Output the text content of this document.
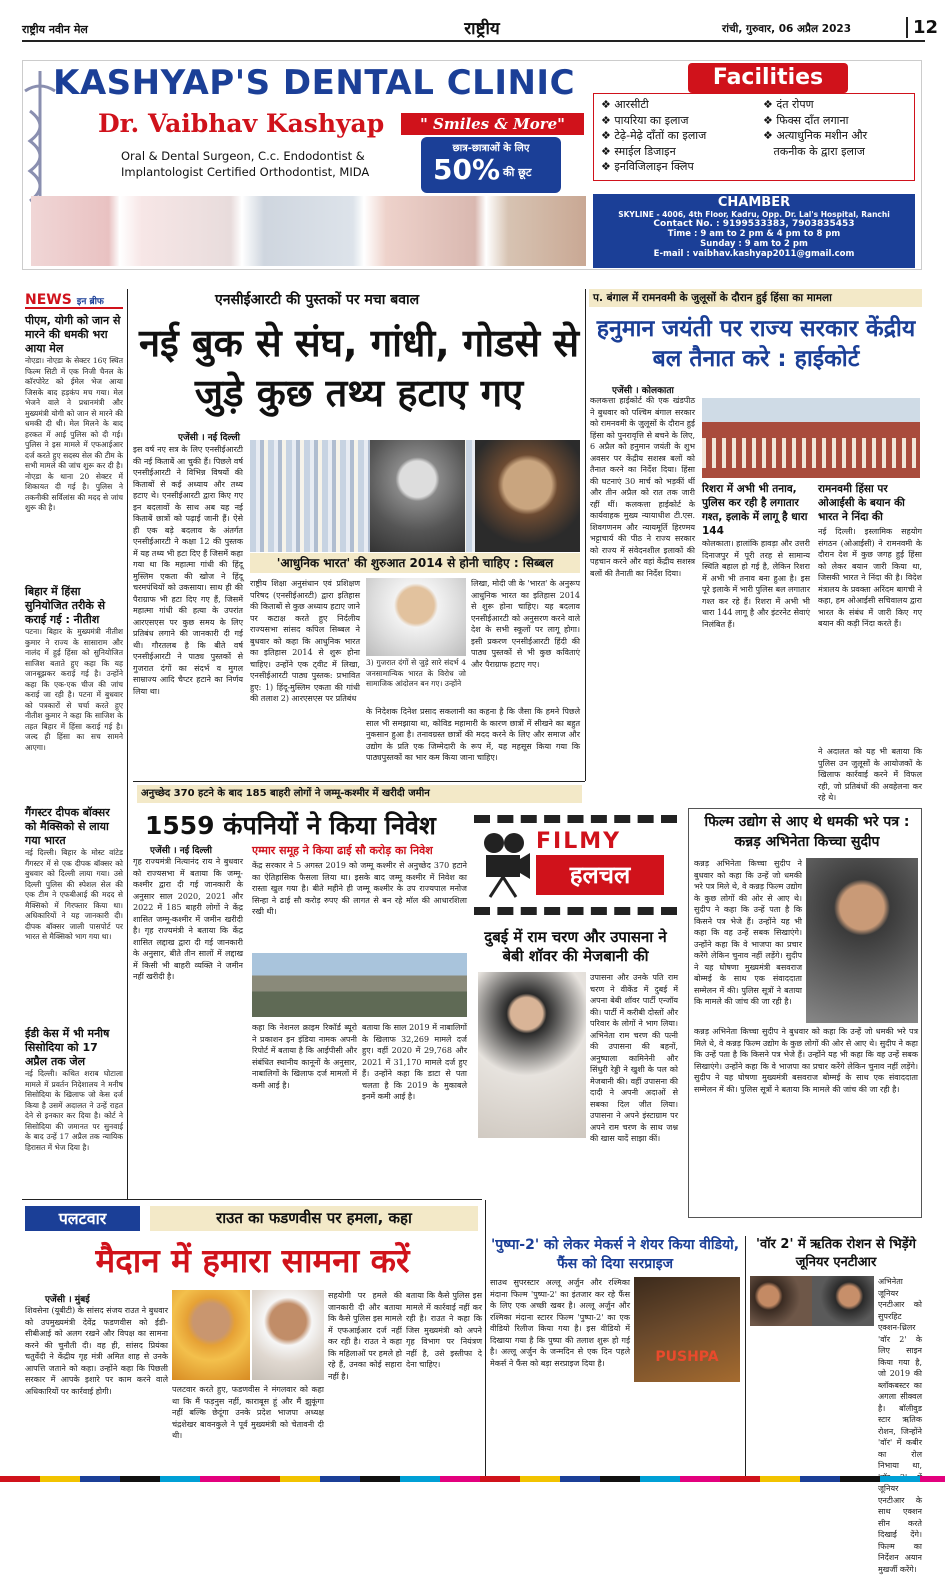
राष्ट्रीय नवीन मेल	राष्ट्रीय	रांची, गुरुवार, 06 अप्रैल 2023	12
KASHYAP'S DENTAL CLINIC
Dr. Vaibhav Kashyap	" Smiles & More"
Oral & Dental Surgeon, C.c. Endodontist &
Implantologist Certified Orthodontist, MIDA
छात्र-छात्राओं के लिए
50% की छूट
Facilities
❖ आरसीटी
❖ पायरिया का इलाज
❖ टेढ़े-मेढ़े दाँतों का इलाज
❖ स्माईल डिजाइन
❖ इनविजिलाइन क्लिप
❖ दंत रोपण
❖ फिक्स दाँत लगाना
❖ अत्याधुनिक मशीन और
तकनीक के द्वारा इलाज
CHAMBER
SKYLINE - 4006, 4th Floor, Kadru, Opp. Dr. Lal's Hospital, Ranchi
Contact No. : 9199533383, 7903835453
Time : 9 am to 2 pm & 4 pm to 8 pm
Sunday : 9 am to 2 pm
E-mail : vaibhav.kashyap2011@gmail.com
NEWS इन ब्रीफ
पीएम, योगी को जान से मारने की धमकी भरा आया मेल
नोएडा। नोएडा के सेक्टर 16ए स्थित फिल्म सिटी में एक निजी चैनल के कॉरपोरेट को ईमेल भेज आया जिसके बाद हड़कंप मच गया। मेल भेजने वाले ने प्रधानमंत्री और मुख्यमंत्री योगी को जान से मारने की धमकी दी थी। मेल मिलने के बाद हरकत में आई पुलिस को दी गई। पुलिस ने इस मामले में एफआईआर दर्ज करते हुए सदस्य सेल की टीम के सभी मामले की जांच शुरू कर दी है। नोएडा के थाना 20 सेक्टर में शिकायत दी गई है। पुलिस ने तकनीकी सर्विलांस की मदद से जांच शुरू की है।
बिहार में हिंसा सुनियोजित तरीके से कराई गई : नीतीश
पटना। बिहार के मुख्यमंत्री नीतीश कुमार ने राज्य के सासाराम और नालंद में हुई हिंसा को सुनियोजित साजिश बताते हुए कहा कि यह जानबूझकर कराई गई है। उन्होंने कहा कि एक-एक चीज की जांच कराई जा रही है। पटना में बुधवार को पत्रकारों से चर्चा करते हुए नीतीश कुमार ने कहा कि साजिश के तहत बिहार में हिंसा कराई गई है। जल्द ही हिंसा का सच सामने आएगा।
गैंगस्टर दीपक बॉक्सर को मैक्सिको से लाया गया भारत
नई दिल्ली। बिहार के मोस्ट वांटेड गैंगस्टर में से एक दीपक बॉक्सर को बुधवार को दिल्ली लाया गया। उसे दिल्ली पुलिस की स्पेशल सेल की एक टीम ने एफबीआई की मदद से मैक्सिको में गिरफ्तार किया था। अधिकारियों ने यह जानकारी दी। दीपक बॉक्सर जाली पासपोर्ट पर भारत से मैक्सिको भाग गया था।
ईडी केस में भी मनीष सिसोदिया को 17 अप्रैल तक जेल
नई दिल्ली। कथित शराब घोटाला मामले में प्रवर्तन निदेशालय ने मनीष सिसोदिया के खिलाफ जो केस दर्ज किया है उसमें अदालत ने उन्हें राहत देने से इनकार कर दिया है। कोर्ट ने सिसोदिया की जमानत पर सुनवाई के बाद उन्हें 17 अप्रैल तक न्यायिक हिरासत में भेज दिया है।
एनसीईआरटी की पुस्तकों पर मचा बवाल
नई बुक से संघ, गांधी, गोडसे से जुड़े कुछ तथ्य हटाए गए
एजेंसी । नई दिल्ली
इस वर्ष नए सत्र के लिए एनसीईआरटी की नई किताबें आ चुकी हैं। पिछले वर्ष एनसीईआरटी ने विभिन्न विषयों की किताबों से कई अध्याय और तथ्य हटाए थे। एनसीईआरटी द्वारा किए गए इन बदलावों के साथ अब यह नई किताबें छात्रों को पढ़ाई जानी हैं। ऐसे ही एक बड़े बदलाव के अंतर्गत एनसीईआरटी ने कक्षा 12 की पुस्तक में यह तथ्य भी हटा दिए हैं जिसमें कहा गया था कि महात्मा गांधी की हिंदू मुस्लिम एकता की खोज ने हिंदू चरमपंथियों को उकसाया। साथ ही की पैराग्राफ भी हटा दिए गए हैं, जिसमें महात्मा गांधी की हत्या के उपरांत आरएसएस पर कुछ समय के लिए प्रतिबंध लगाने की जानकारी दी गई थी। गौरतलब है कि बीते वर्ष एनसीईआरटी ने पाठ्य पुस्तकों से गुजरात दंगों का संदर्भ व मुगल साम्राज्य आदि चैप्टर हटाने का निर्णय लिया था।
'आधुनिक भारत' की शुरुआत 2014 से होनी चाहिए : सिब्बल
राष्ट्रीय शिक्षा अनुसंधान एवं प्रशिक्षण परिषद (एनसीईआरटी) द्वारा इतिहास की किताबों से कुछ अध्याय हटाए जाने पर कटाक्ष करते हुए निर्दलीय राज्यसभा सांसद कपिल सिब्बल ने बुधवार को कहा कि आधुनिक भारत का इतिहास 2014 से शुरू होना चाहिए। उन्होंने एक ट्वीट में लिखा, एनसीईआरटी पाठ्य पुस्तक: प्रभावित हुए: 1) हिंदू-मुस्लिम एकता की गांधी की तलाश 2) आरएसएस पर प्रतिबंध
3) गुजरात दंगों से जुड़े सारे संदर्भ 4 जनसामान्यिक भारत के विरोध जो सामाजिक आंदोलन बन गए। उन्होंने
लिखा, मोदी जी के 'भारत' के अनुरूप आधुनिक भारत का इतिहास 2014 से शुरू होना चाहिए। यह बदलाव एनसीईआरटी को अनुसरण करने वाले देश के सभी स्कूलों पर लागू होगा। इसी प्रकरण एनसीईआरटी हिंदी की पाठ्य पुस्तकों से भी कुछ कविताएं और पैराग्राफ हटाए गए।
के निदेशक दिनेश प्रसाद सकलानी का कहना है कि जैसा कि हमने पिछले साल भी समझाया था, कोविड महामारी के कारण छात्रों में सीखने का बहुत नुकसान हुआ है। तनावग्रस्त छात्रों की मदद करने के लिए और समाज और उद्योग के प्रति एक जिम्मेदारी के रूप में, यह महसूस किया गया कि पाठ्यपुस्तकों का भार कम किया जाना चाहिए।
प. बंगाल में रामनवमी के जुलूसों के दौरान हुई हिंसा का मामला
हनुमान जयंती पर राज्य सरकार केंद्रीय बल तैनात करे : हाईकोर्ट
एजेंसी । कोलकाता
कलकत्ता हाईकोर्ट की एक खंडपीठ ने बुधवार को पश्चिम बंगाल सरकार को रामनवमी के जुलूसों के दौरान हुई हिंसा को पुनरावृत्ति से बचने के लिए, 6 अप्रैल को हनुमान जयंती के शुभ अवसर पर केंद्रीय सशस्त्र बलों को तैनात करने का निर्देश दिया। हिंसा की घटनाएं 30 मार्च को भड़कीं थीं और तीन अप्रैल को रात तक जारी रहीं थीं। कलकत्ता हाईकोर्ट के कार्यवाहक मुख्य न्यायाधीश टी.एस. शिवगणनम और न्यायमूर्ति हिरण्मय भट्टाचार्य की पीठ ने राज्य सरकार को राज्य में संवेदनशील इलाकों की पहचान करने और वहां केंद्रीय सशस्त्र बलों की तैनाती का निर्देश दिया।
रिशरा में अभी भी तनाव, पुलिस कर रही है लगातार गश्त, इलाके में लागू है धारा 144
कोलकाता। हालांकि हावड़ा और उत्तरी दिनाजपुर में पूरी तरह से सामान्य स्थिति बहाल हो गई है, लेकिन रिशरा में अभी भी तनाव बना हुआ है। इस पूरे इलाके में भारी पुलिस बल लगातार गश्त कर रहे हैं। रिशरा में अभी भी धारा 144 लागू है और इंटरनेट सेवाएं निलंबित हैं।
रामनवमी हिंसा पर ओआईसी के बयान की भारत ने निंदा की
नई दिल्ली। इस्लामिक सहयोग संगठन (ओआईसी) ने रामनवमी के दौरान देश में कुछ जगह हुई हिंसा को लेकर बयान जारी किया था, जिसकी भारत ने निंदा की है। विदेश मंत्रालय के प्रवक्ता अरिंदम बागची ने कहा, हम ओआईसी सचिवालय द्वारा भारत के संबंध में जारी किए गए बयान की कड़ी निंदा करते हैं।
ने अदालत को यह भी बताया कि पुलिस उन जुलूसों के आयोजकों के खिलाफ कार्रवाई करने में विफल रही, जो प्रतिबंधों की अवहेलना कर रहे थे।
अनुच्छेद 370 हटने के बाद 185 बाहरी लोगों ने जम्मू-कश्मीर में खरीदी जमीन
1559 कंपनियों ने किया निवेश
एजेंसी । नई दिल्ली
गृह राज्यमंत्री नित्यानंद राय ने बुधवार को राज्यसभा में बताया कि जम्मू-कश्मीर द्वारा दी गई जानकारी के अनुसार साल 2020, 2021 और 2022 में 185 बाहरी लोगों ने केंद्र शासित जम्मू-कश्मीर में जमीन खरीदी है। गृह राज्यमंत्री ने बताया कि केंद्र शासित लद्दाख द्वारा दी गई जानकारी के अनुसार, बीते तीन सालों में लद्दाख में किसी भी बाहरी व्यक्ति ने जमीन नहीं खरीदी है।
एम्मार समूह ने किया ढाई सौ करोड़ का निवेश
केंद्र सरकार ने 5 अगस्त 2019 को जम्मू कश्मीर से अनुच्छेद 370 हटाने का ऐतिहासिक फैसला लिया था। इसके बाद जम्मू कश्मीर में निवेश का रास्ता खुल गया है। बीते महीने ही जम्मू कश्मीर के उप राज्यपाल मनोज सिन्हा ने ढाई सौ करोड़ रुपए की लागत से बन रहे मॉल की आधारशिला रखी थी।
कहा कि नेशनल क्राइम रिकॉर्ड ब्यूरो ने प्रकाशन इन इंडिया नामक अपनी रिपोर्ट में बताया है कि आईपीसी और संबंधित स्थानीय कानूनों के अनुसार, नाबालिगों के खिलाफ दर्ज मामलों में कमी आई है।
बताया कि साल 2019 में नाबालिगों के खिलाफ 32,269 मामले दर्ज हुए। वहीं 2020 में 29,768 और 2021 में 31,170 मामले दर्ज हुए हैं। उन्होंने कहा कि डाटा से पता चलता है कि 2019 के मुकाबले इनमें कमी आई है।
FILMY
हलचल
दुबई में राम चरण और उपासना ने बेबी शॉवर की मेजबानी की
उपासना और उनके पति राम चरण ने वीकेंड में दुबई में अपना बेबी शॉवर पार्टी एन्जॉय की। पार्टी में करीबी दोस्तों और परिवार के लोगों ने भाग लिया। अभिनेता राम चरण की पत्नी की उपासना की बहनों, अनुष्पाला कामिनेनी और सिंधुरी रेड्डी ने खुशी के पल को मेजबानी की। वहीं उपासना की दादी ने अपनी अदाओं से सबका दिल जीत लिया। उपासना ने अपने इंस्टाग्राम पर अपने राम चरण के साथ जश्न की खास यादें साझा कीं।
फिल्म उद्योग से आए थे धमकी भरे पत्र : कन्नड़ अभिनेता किच्चा सुदीप
कन्नड़ अभिनेता किच्चा सुदीप ने बुधवार को कहा कि उन्हें जो धमकी भरे पत्र मिले थे, वे कन्नड़ फिल्म उद्योग के कुछ लोगों की ओर से आए थे। सुदीप ने कहा कि उन्हें पता है कि किसने पत्र भेजे हैं। उन्होंने यह भी कहा कि वह उन्हें सबक सिखाएंगे। उन्होंने कहा कि वे भाजपा का प्रचार करेंगे लेकिन चुनाव नहीं लड़ेंगे। सुदीप ने यह घोषणा मुख्यमंत्री बसवराज बोम्मई के साथ एक संवाददाता सम्मेलन में की। पुलिस सूत्रों ने बताया कि मामले की जांच की जा रही है।
कन्नड़ अभिनेता किच्चा सुदीप ने बुधवार को कहा कि उन्हें जो धमकी भरे पत्र मिले थे, वे कन्नड़ फिल्म उद्योग के कुछ लोगों की ओर से आए थे। सुदीप ने कहा कि उन्हें पता है कि किसने पत्र भेजे हैं। उन्होंने यह भी कहा कि वह उन्हें सबक सिखाएंगे। उन्होंने कहा कि वे भाजपा का प्रचार करेंगे लेकिन चुनाव नहीं लड़ेंगे। सुदीप ने यह घोषणा मुख्यमंत्री बसवराज बोम्मई के साथ एक संवाददाता सम्मेलन में की। पुलिस सूत्रों ने बताया कि मामले की जांच की जा रही है।
पलटवार	राउत का फडणवीस पर हमला, कहा
मैदान में हमारा सामना करें
एजेंसी । मुंबई
शिवसेना (यूबीटी) के सांसद संजय राउत ने बुधवार को उपमुख्यमंत्री देवेंद्र फडणवीस को ईडी-सीबीआई को अलग रखने और विपक्ष का सामना करने की चुनौती दी। वह ही, सांसद प्रियंका चतुर्वेदी ने केंद्रीय गृह मंत्री अमित शाह से उनके आपत्ति जताने को कहा। उन्होंने कहा कि पिछली सरकार में आपके इशारे पर काम करने वाले अधिकारियों पर कार्रवाई होगी।	पलटवार करते हुए, फडणवीस ने मंगलवार को कहा था कि मैं फड़नुस नहीं, काराबूस हूं और मैं झुकूंगा नहीं बल्कि छेदूंगा उनके प्रदेश भाजपा अध्यक्ष चंद्रशेखर बावनकुले ने पूर्व मुख्यमंत्री को चेतावनी दी थी।
सहयोगी पर हमले की जानकारी दी और बताया कि कैसे पुलिस इस मामले में एफआईआर दर्ज नहीं कर रही है। राउत ने कहा कि महिलाओं पर हमले हो रहे हैं, उनका कोई सहारा नहीं है।
बताया कि कैसे पुलिस इस मामले में कार्रवाई नहीं कर रही है। राउत ने कहा कि जिस मुख्यमंत्री को अपने गृह विभाग पर नियंत्रण नहीं है, उसे इस्तीफा दे देना चाहिए।
'पुष्पा-2' को लेकर मेकर्स ने शेयर किया वीडियो, फैंस को दिया सरप्राइज
साउथ सुपरस्टार अल्लू अर्जुन और रश्मिका मंदाना फिल्म 'पुष्पा-2' का इंतजार कर रहे फैंस के लिए एक अच्छी खबर है। अल्लू अर्जुन और रश्मिका मंदाना स्टारर फिल्म 'पुष्पा-2' का एक वीडियो रिलीज किया गया है। इस वीडियो में दिखाया गया है कि पुष्पा की तलाश शुरू हो गई है। अल्लू अर्जुन के जन्मदिन से एक दिन पहले मेकर्स ने फैंस को बड़ा सरप्राइज दिया है।	PUSHPA
'वॉर 2' में ऋतिक रोशन से भिड़ेंगे जूनियर एनटीआर
अभिनेता जूनियर एनटीआर को सुपरहिट एक्शन-थ्रिलर 'वॉर 2' के लिए साइन किया गया है, जो 2019 की ब्लॉकबस्टर का अगला सीक्वल है। बॉलीवुड स्टार ऋतिक रोशन, जिन्होंने 'वॉर' में कबीर का रोल निभाया था, जूनियर एनटीआर के साथ एक्शन सीन करते दिखाई देंगे। फिल्म का निर्देशन अयान मुखर्जी करेंगे।
